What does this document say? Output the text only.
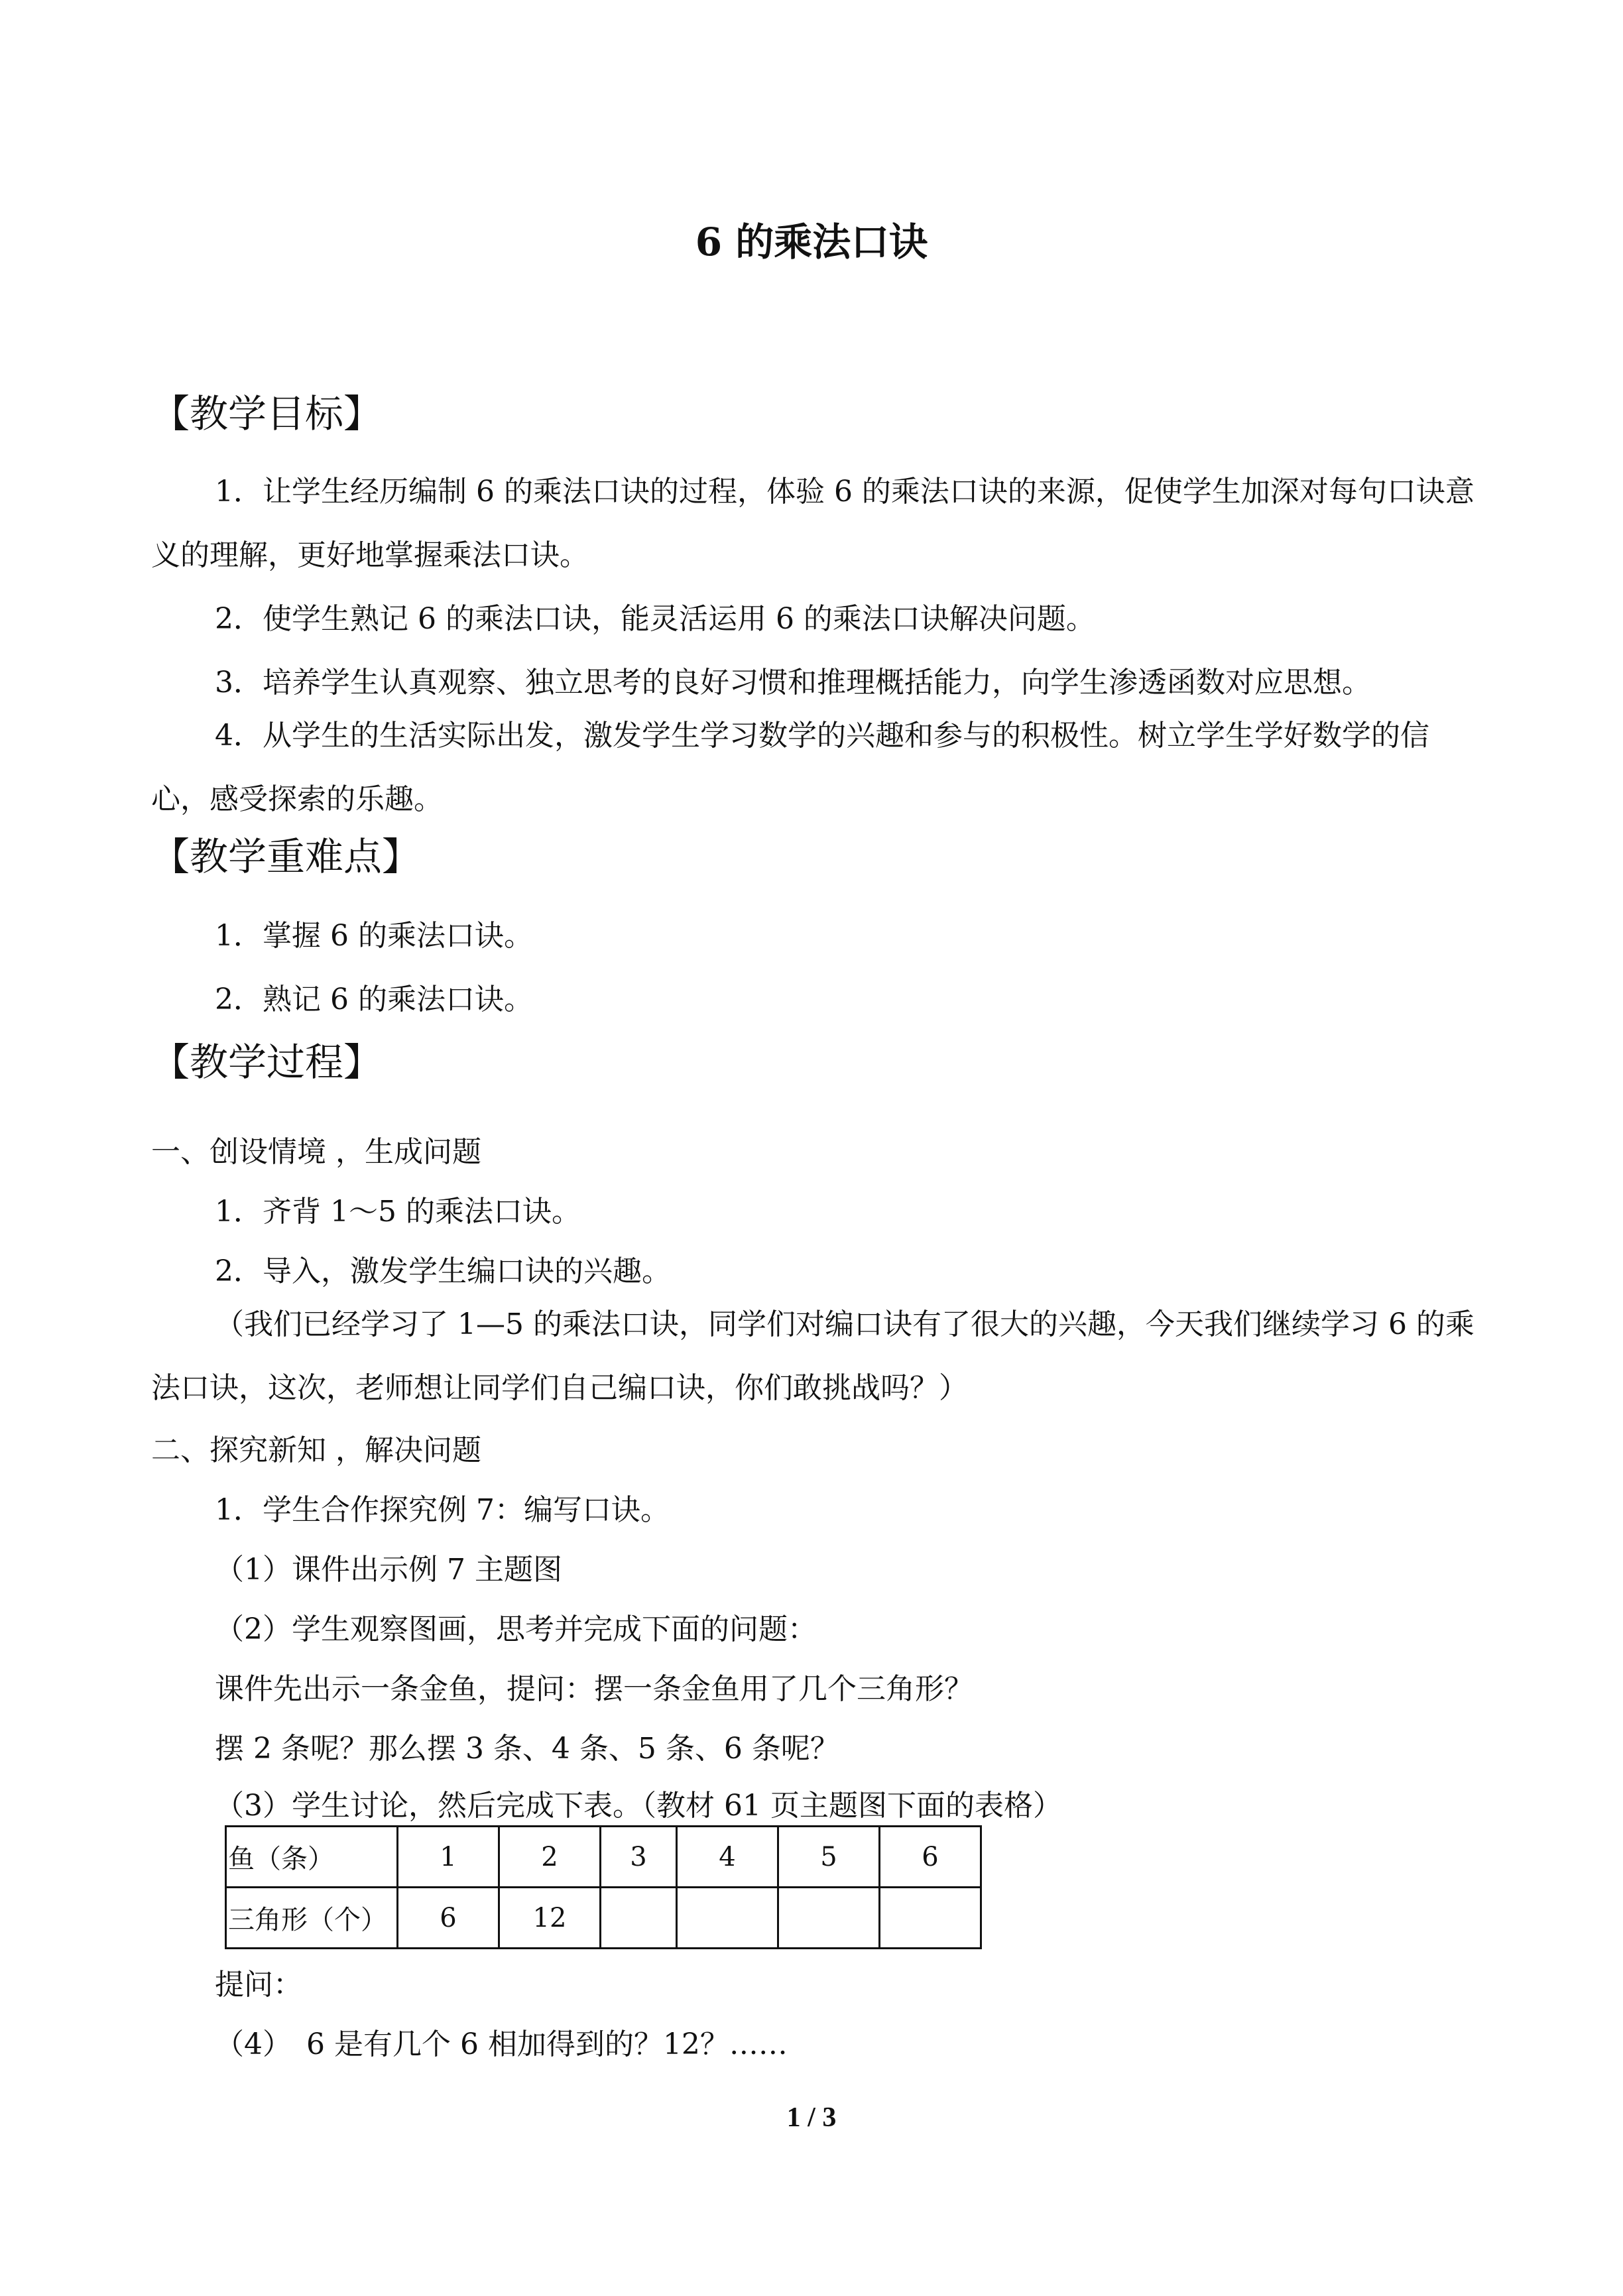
6 的乘法口诀
【教学目标】

1．让学生经历编制 6 的乘法口诀的过程，体验 6 的乘法口诀的来源，促使学生加深对每句口诀意义的理解，更好地掌握乘法口诀。

2．使学生熟记 6 的乘法口诀，能灵活运用 6 的乘法口诀解决问题。

3．培养学生认真观察、独立思考的良好习惯和推理概括能力，向学生渗透函数对应思想。

4．从学生的生活实际出发，激发学生学习数学的兴趣和参与的积极性。树立学生学好数学的信心，感受探索的乐趣。

【教学重难点】

1．掌握 6 的乘法口诀。

2．熟记 6 的乘法口诀。

【教学过程】

一、创设情境 ，生成问题

1．齐背 1～5 的乘法口诀。

2．导入，激发学生编口诀的兴趣。

（我们已经学习了 1—5 的乘法口诀，同学们对编口诀有了很大的兴趣，今天我们继续学习 6 的乘法口诀，这次，老师想让同学们自己编口诀，你们敢挑战吗？）

二、探究新知 ，解决问题

1．学生合作探究例 7：编写口诀。

（1）课件出示例 7 主题图

（2）学生观察图画，思考并完成下面的问题：

课件先出示一条金鱼，提问：摆一条金鱼用了几个三角形？

摆 2 条呢？那么摆 3 条、4 条、5 条、6 条呢？

（3）学生讨论，然后完成下表。（教材 61 页主题图下面的表格）

鱼（条）	1	2	3	4	5	6
三角形（个）	6	12				

提问：

（4）　6 是有几个 6 相加得到的？12？……

1 / 3
